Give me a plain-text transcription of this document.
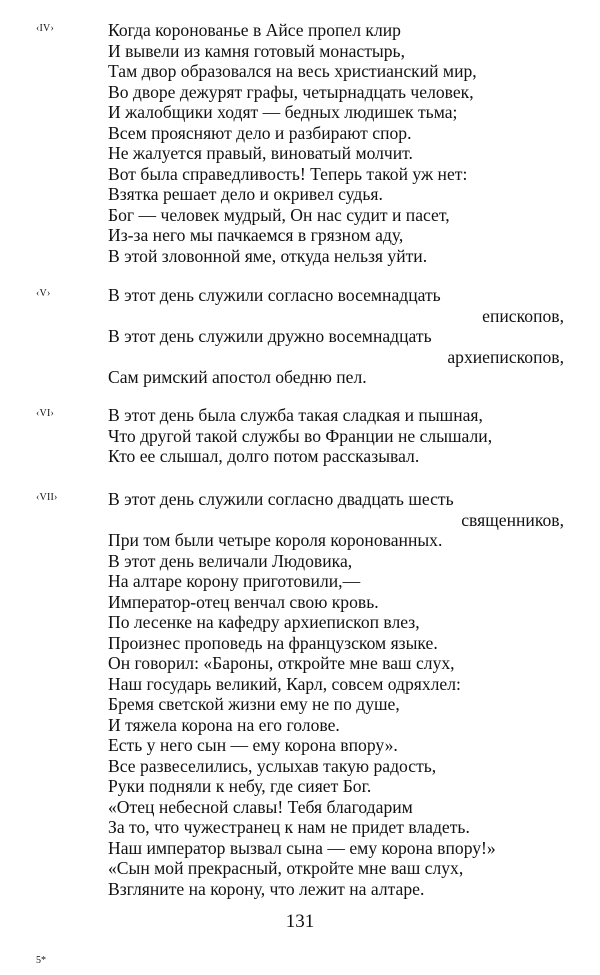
‹IV›	Когда коронованье в Айсе пропел клир
И вывели из камня готовый монастырь,
Там двор образовался на весь христианский мир,
Во дворе дежурят графы, четырнадцать человек,
И жалобщики ходят — бедных людишек тьма;
Всем проясняют дело и разбирают спор.
Не жалуется правый, виноватый молчит.
Вот была справедливость! Теперь такой уж нет:
Взятка решает дело и окривел судья.
Бог — человек мудрый, Он нас судит и пасет,
Из-за него мы пачкаемся в грязном аду,
В этой зловонной яме, откуда нельзя уйти.
‹V›	В этот день служили согласно восемнадцать
епископов,
В этот день служили дружно восемнадцать
архиепископов,
Сам римский апостол обедню пел.
‹VI›	В этот день была служба такая сладкая и пышная,
Что другой такой службы во Франции не слышали,
Кто ее слышал, долго потом рассказывал.
‹VII›	В этот день служили согласно двадцать шесть
священников,
При том были четыре короля коронованных.
В этот день величали Людовика,
На алтаре корону приготовили,—
Император-отец венчал свою кровь.
По лесенке на кафедру архиепископ влез,
Произнес проповедь на французском языке.
Он говорил: «Бароны, откройте мне ваш слух,
Наш государь великий, Карл, совсем одряхлел:
Бремя светской жизни ему не по душе,
И тяжела корона на его голове.
Есть у него сын — ему корона впору».
Все развеселились, услыхав такую радость,
Руки подняли к небу, где сияет Бог.
«Отец небесной славы! Тебя благодарим
За то, что чужестранец к нам не придет владеть.
Наш император вызвал сына — ему корона впору!»
«Сын мой прекрасный, откройте мне ваш слух,
Взгляните на корону, что лежит на алтаре.
131
5*
